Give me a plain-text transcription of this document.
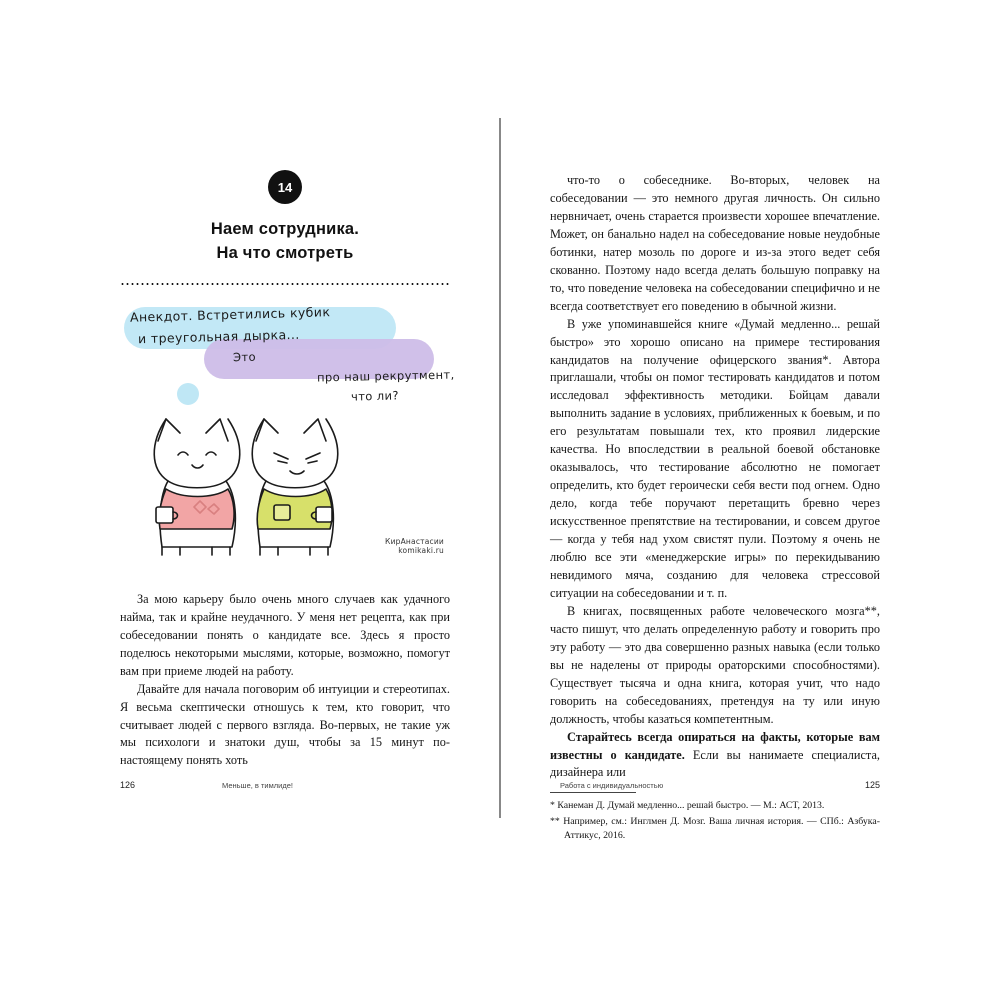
14
Наем сотрудника.
На что смотреть
Анекдот. Встретились кубик
и треугольная дырка...
Это
про наш рекрутмент,
что ли?
КирАнастасии
komikaki.ru

За мою карьеру было очень много случаев как удачного найма, так и крайне неудачного. У меня нет рецепта, как при собеседовании понять о кандидате все. Здесь я просто поделюсь некоторыми мыслями, которые, возможно, помогут вам при приеме людей на работу.

Давайте для начала поговорим об интуиции и стереотипах. Я весьма скептически отношусь к тем, кто говорит, что считывает людей с первого взгляда. Во-первых, не такие уж мы психологи и знатоки душ, чтобы за 15 минут по-настоящему понять хоть

126	Меньше, в тимлиде!

что-то о собеседнике. Во-вторых, человек на собеседовании — это немного другая личность. Он сильно нервничает, очень старается произвести хорошее впечатление. Может, он банально надел на собеседование новые неудобные ботинки, натер мозоль по дороге и из-за этого ведет себя скованно. Поэтому надо всегда делать большую поправку на то, что поведение человека на собеседовании специфично и не всегда соответствует его поведению в обычной жизни.

В уже упоминавшейся книге «Думай медленно... решай быстро» это хорошо описано на примере тестирования кандидатов на получение офицерского звания*. Автора приглашали, чтобы он помог тестировать кандидатов и потом исследовал эффективность методики. Бойцам давали выполнить задание в условиях, приближенных к боевым, и по его результатам повышали тех, кто проявил лидерские качества. Но впоследствии в реальной боевой обстановке оказывалось, что тестирование абсолютно не помогает определить, кто будет героически себя вести под огнем. Одно дело, когда тебе поручают перетащить бревно через искусственное препятствие на тестировании, и совсем другое — когда у тебя над ухом свистят пули. Поэтому я очень не люблю все эти «менеджерские игры» по перекидыванию невидимого мяча, созданию для человека стрессовой ситуации на собеседовании и т. п.

В книгах, посвященных работе человеческого мозга**, часто пишут, что делать определенную работу и говорить про эту работу — это два совершенно разных навыка (если только вы не наделены от природы ораторскими способностями). Существует тысяча и одна книга, которая учит, что надо говорить на собеседованиях, претендуя на ту или иную должность, чтобы казаться компетентным.

Старайтесь всегда опираться на факты, которые вам известны о кандидате. Если вы нанимаете специалиста, дизайнера или

* Канеман Д. Думай медленно... решай быстро. — М.: АСТ, 2013.
** Например, см.: Инглмен Д. Мозг. Ваша личная история. — СПб.: Азбука-Аттикус, 2016.
Работа с индивидуальностью	125
